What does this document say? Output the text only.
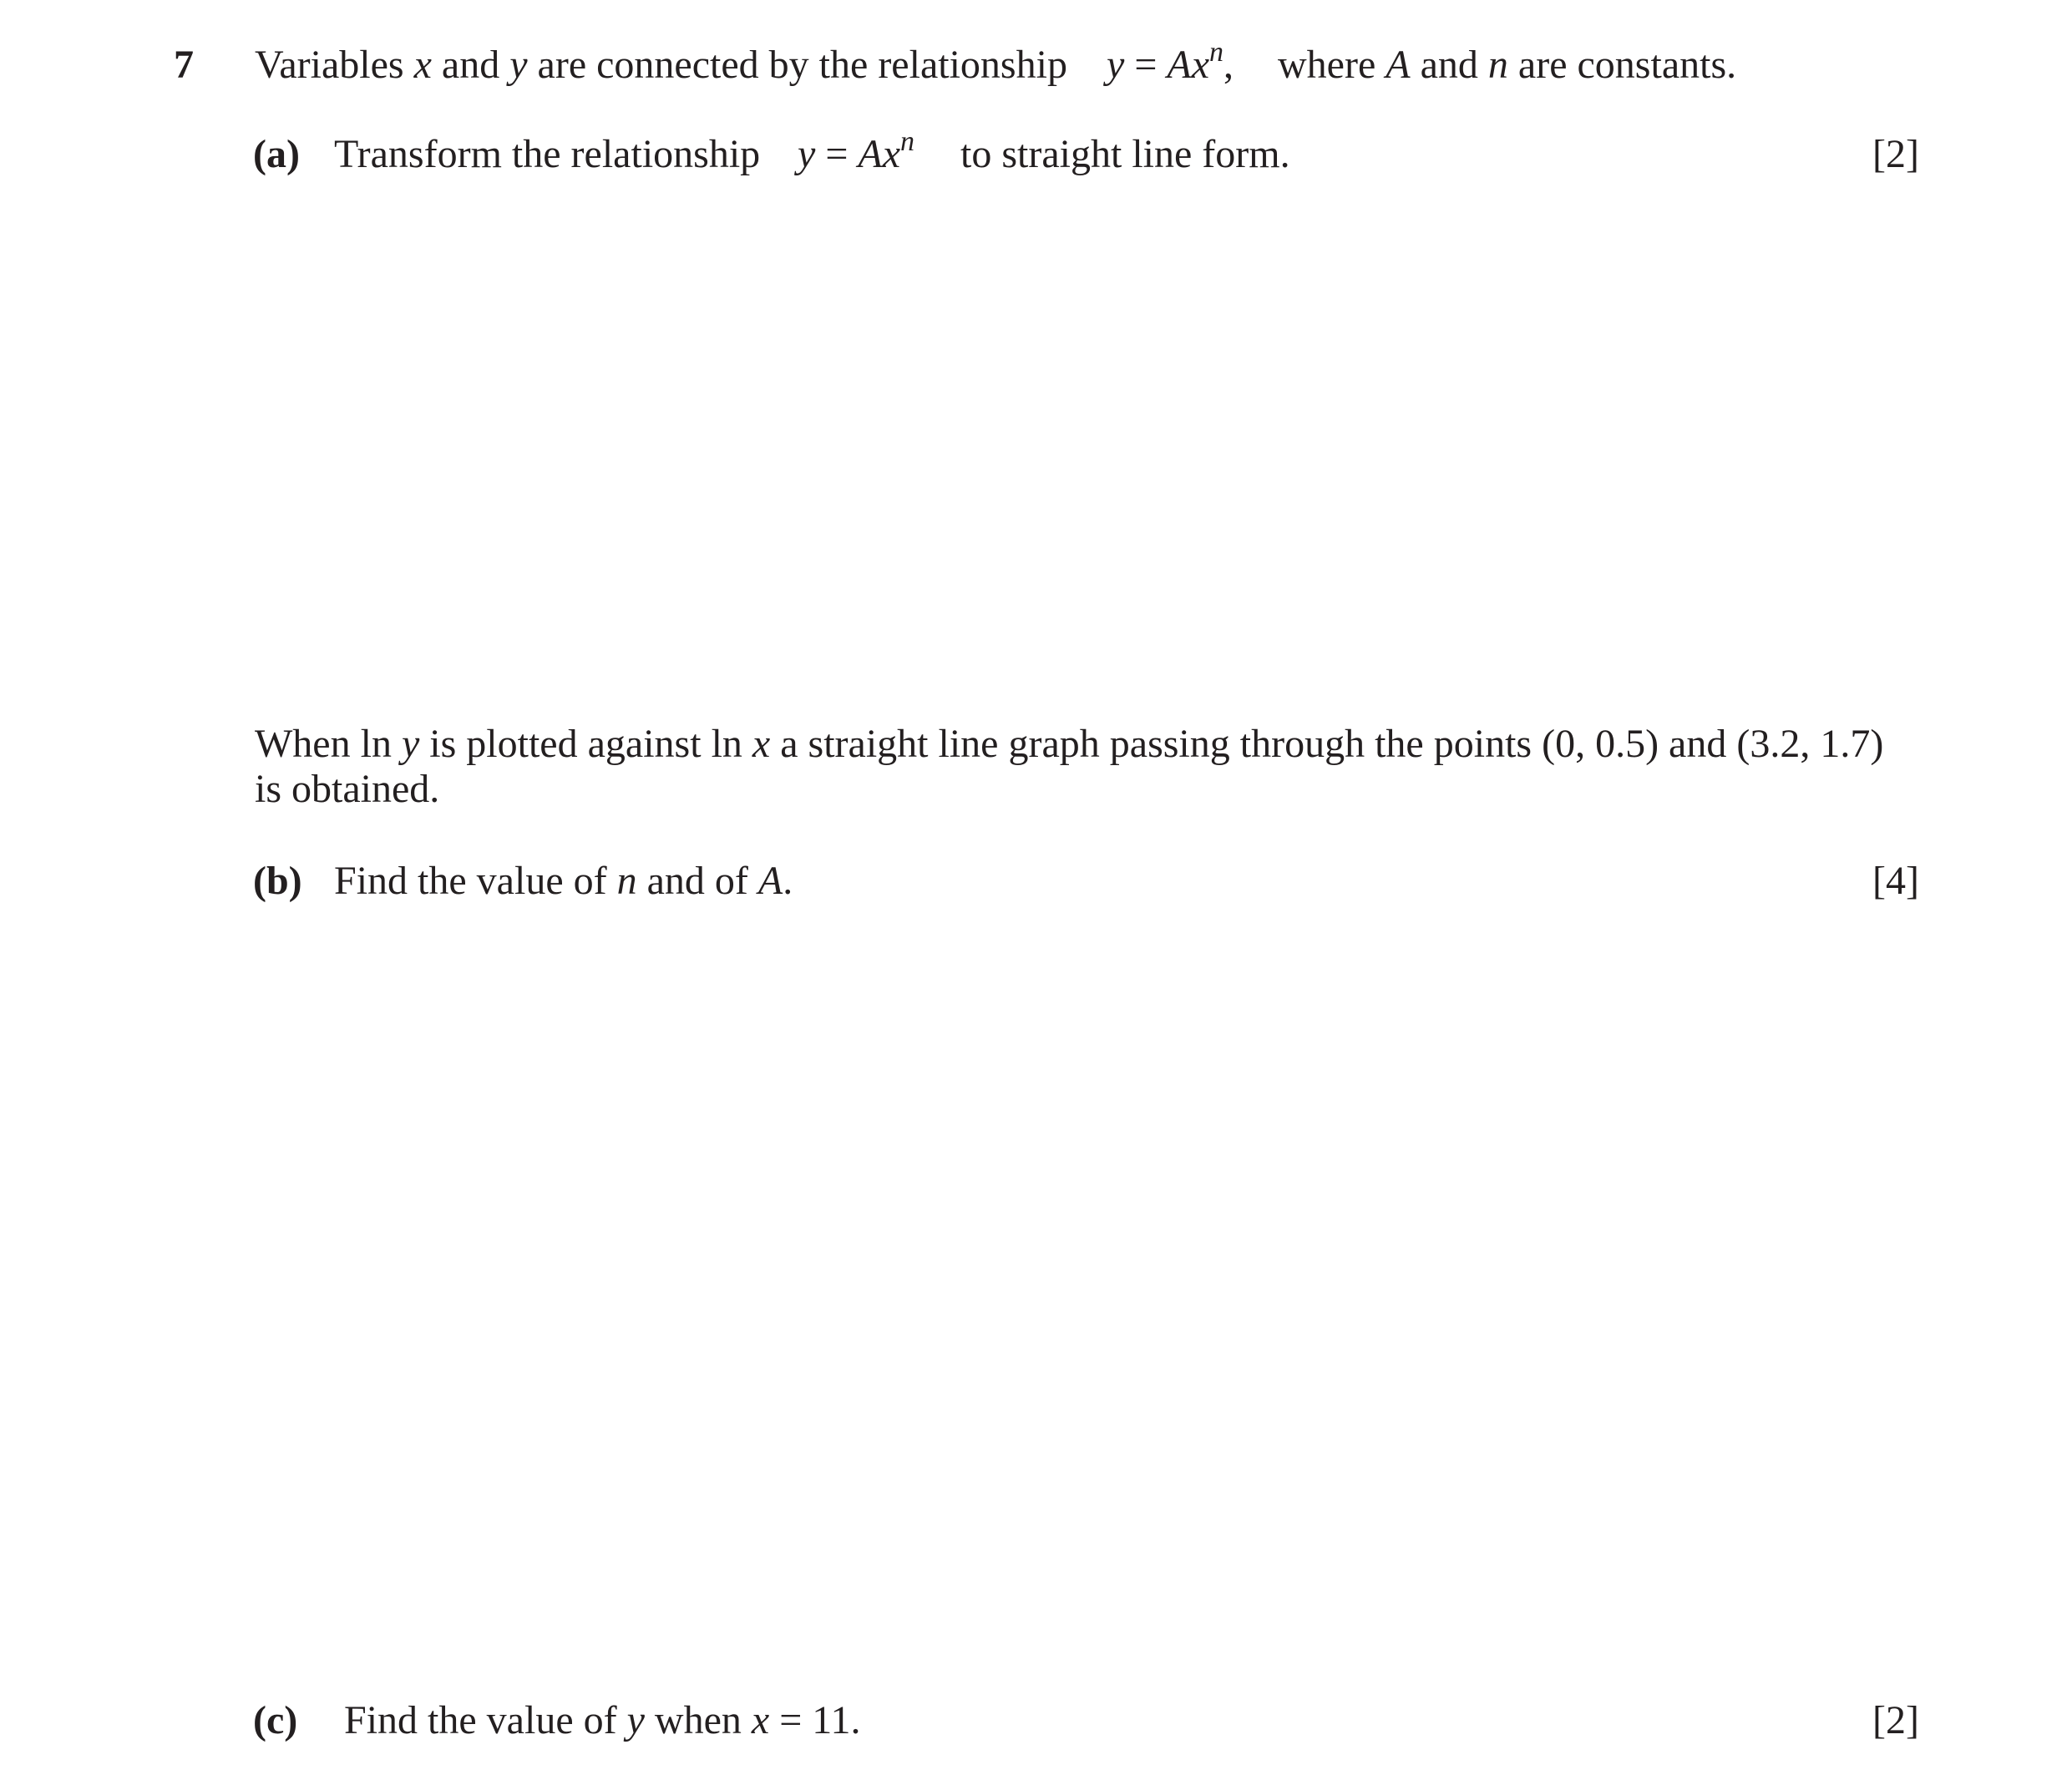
7 Variables x and y are connected by the relationship $y = Ax^n$, where A and n are constants.
(a) Transform the relationship $y = Ax^n$ to straight line form.	[2]
When ln y is plotted against ln x a straight line graph passing through the points (0, 0.5) and (3.2, 1.7)
is obtained.
(b) Find the value of n and of A.	[4]
(c) Find the value of y when x = 11.	[2]
